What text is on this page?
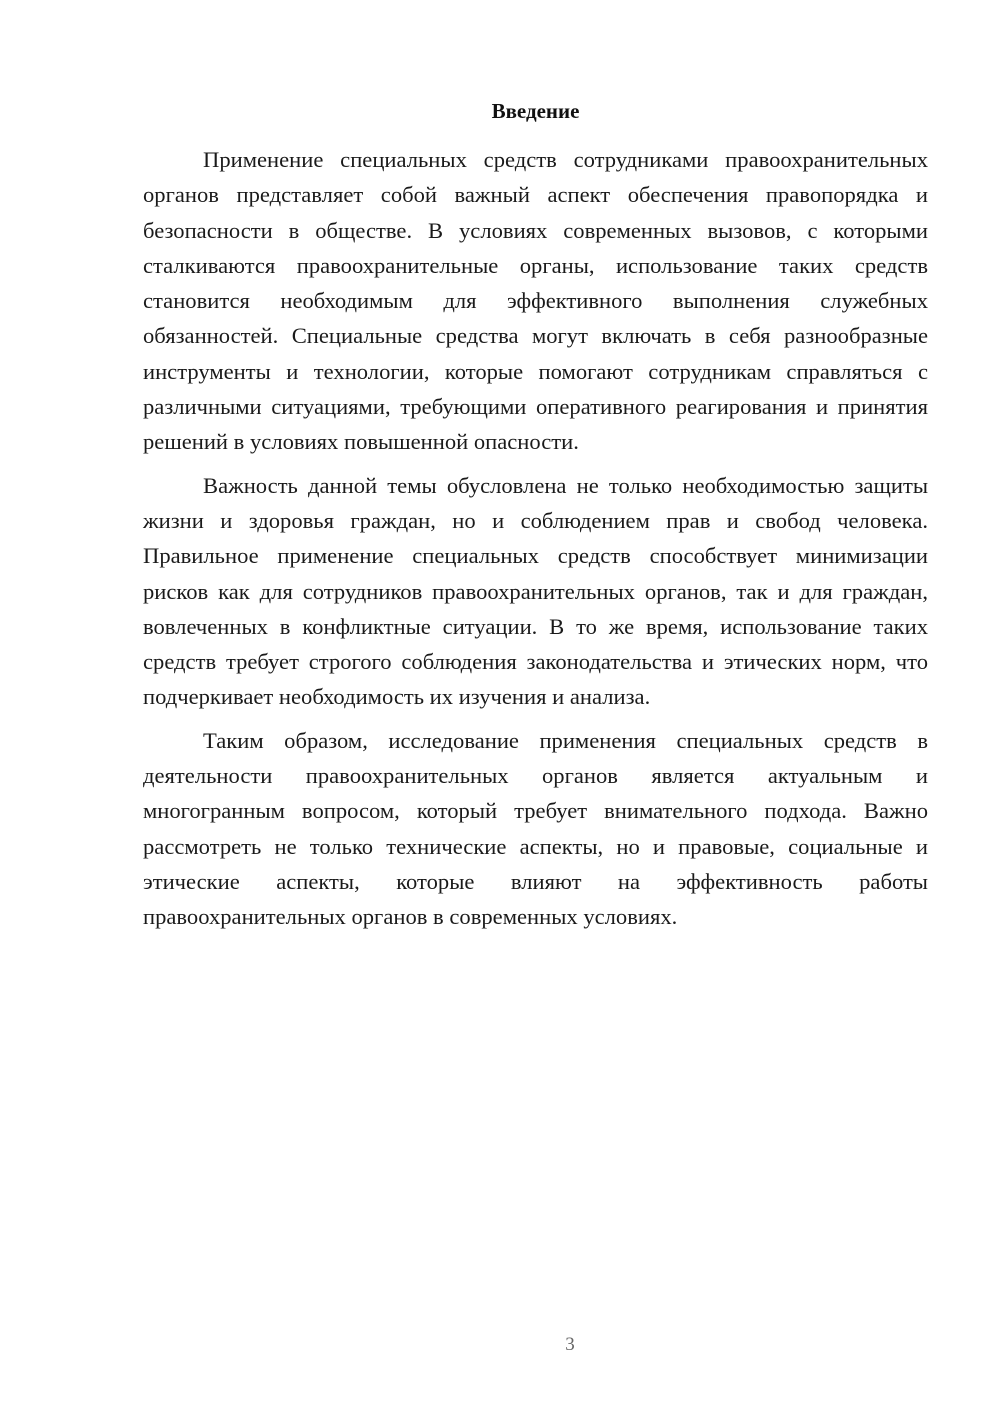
Введение

Применение специальных средств сотрудниками правоохранительных органов представляет собой важный аспект обеспечения правопорядка и безопасности в обществе. В условиях современных вызовов, с которыми сталкиваются правоохранительные органы, использование таких средств становится необходимым для эффективного выполнения служебных обязанностей. Специальные средства могут включать в себя разнообразные инструменты и технологии, которые помогают сотрудникам справляться с различными ситуациями, требующими оперативного реагирования и принятия решений в условиях повышенной опасности.

Важность данной темы обусловлена не только необходимостью защиты жизни и здоровья граждан, но и соблюдением прав и свобод человека. Правильное применение специальных средств способствует минимизации рисков как для сотрудников правоохранительных органов, так и для граждан, вовлеченных в конфликтные ситуации. В то же время, использование таких средств требует строгого соблюдения законодательства и этических норм, что подчеркивает необходимость их изучения и анализа.

Таким образом, исследование применения специальных средств в деятельности правоохранительных органов является актуальным и многогранным вопросом, который требует внимательного подхода. Важно рассмотреть не только технические аспекты, но и правовые, социальные и этические аспекты, которые влияют на эффективность работы правоохранительных органов в современных условиях.

3
